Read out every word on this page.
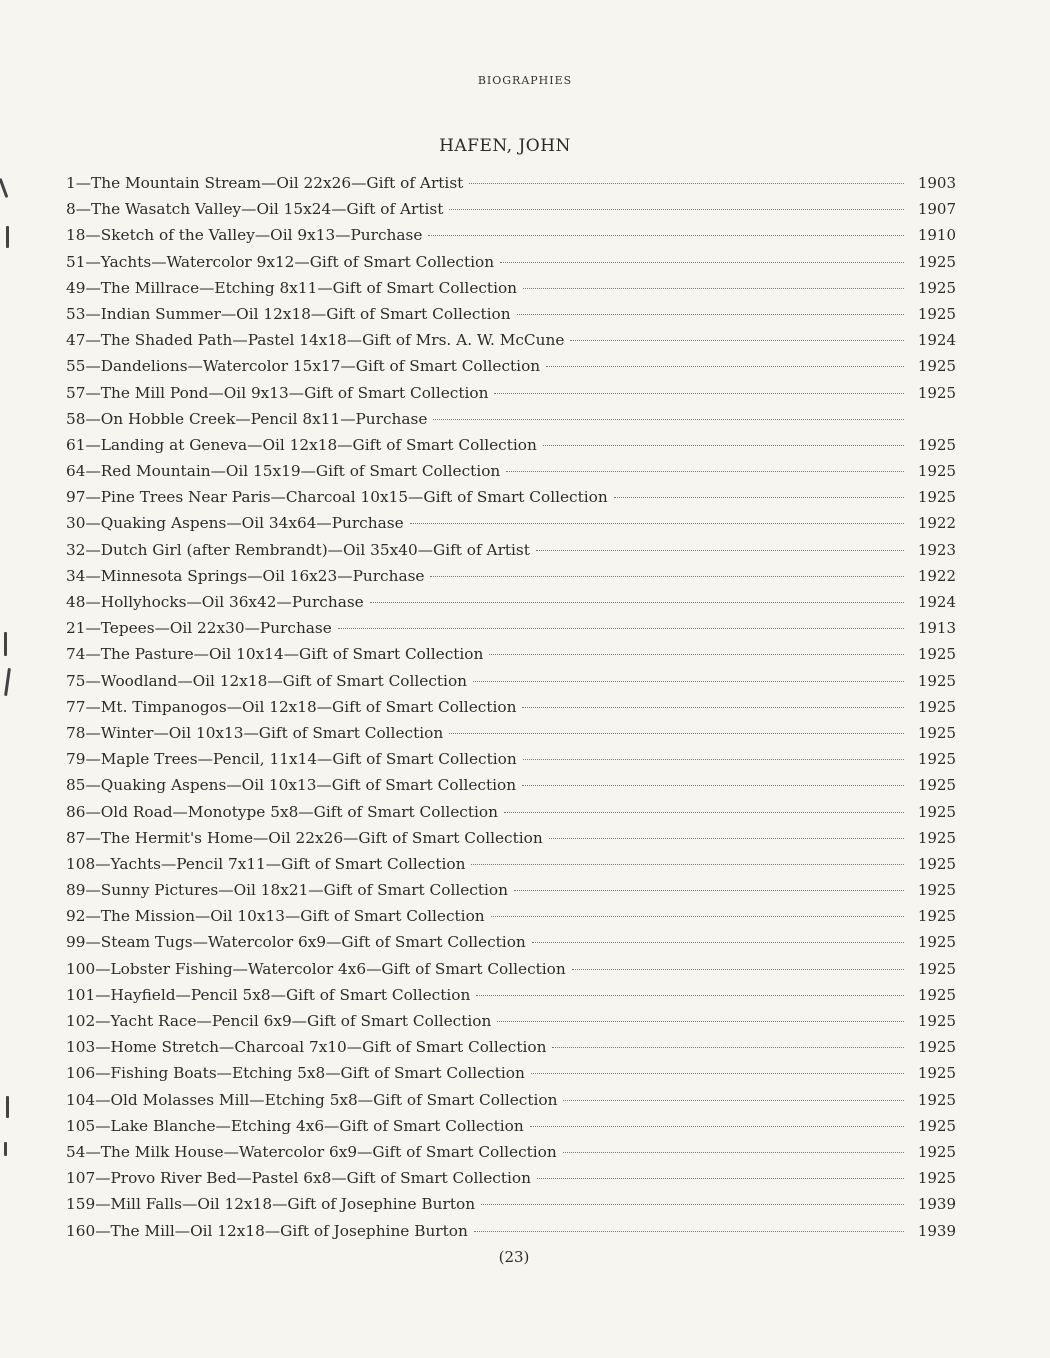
BIOGRAPHIES
HAFEN, JOHN
1—The Mountain Stream—Oil 22x26—Gift of Artist	1903
8—The Wasatch Valley—Oil 15x24—Gift of Artist	1907
18—Sketch of the Valley—Oil 9x13—Purchase	1910
51—Yachts—Watercolor 9x12—Gift of Smart Collection	1925
49—The Millrace—Etching 8x11—Gift of Smart Collection	1925
53—Indian Summer—Oil 12x18—Gift of Smart Collection	1925
47—The Shaded Path—Pastel 14x18—Gift of Mrs. A. W. McCune	1924
55—Dandelions—Watercolor 15x17—Gift of Smart Collection	1925
57—The Mill Pond—Oil 9x13—Gift of Smart Collection	1925
58—On Hobble Creek—Pencil 8x11—Purchase
61—Landing at Geneva—Oil 12x18—Gift of Smart Collection	1925
64—Red Mountain—Oil 15x19—Gift of Smart Collection	1925
97—Pine Trees Near Paris—Charcoal 10x15—Gift of Smart Collection	1925
30—Quaking Aspens—Oil 34x64—Purchase	1922
32—Dutch Girl (after Rembrandt)—Oil 35x40—Gift of Artist	1923
34—Minnesota Springs—Oil 16x23—Purchase	1922
48—Hollyhocks—Oil 36x42—Purchase	1924
21—Tepees—Oil 22x30—Purchase	1913
74—The Pasture—Oil 10x14—Gift of Smart Collection	1925
75—Woodland—Oil 12x18—Gift of Smart Collection	1925
77—Mt. Timpanogos—Oil 12x18—Gift of Smart Collection	1925
78—Winter—Oil 10x13—Gift of Smart Collection	1925
79—Maple Trees—Pencil, 11x14—Gift of Smart Collection	1925
85—Quaking Aspens—Oil 10x13—Gift of Smart Collection	1925
86—Old Road—Monotype 5x8—Gift of Smart Collection	1925
87—The Hermit's Home—Oil 22x26—Gift of Smart Collection	1925
108—Yachts—Pencil 7x11—Gift of Smart Collection	1925
89—Sunny Pictures—Oil 18x21—Gift of Smart Collection	1925
92—The Mission—Oil 10x13—Gift of Smart Collection	1925
99—Steam Tugs—Watercolor 6x9—Gift of Smart Collection	1925
100—Lobster Fishing—Watercolor 4x6—Gift of Smart Collection	1925
101—Hayfield—Pencil 5x8—Gift of Smart Collection	1925
102—Yacht Race—Pencil 6x9—Gift of Smart Collection	1925
103—Home Stretch—Charcoal 7x10—Gift of Smart Collection	1925
106—Fishing Boats—Etching 5x8—Gift of Smart Collection	1925
104—Old Molasses Mill—Etching 5x8—Gift of Smart Collection	1925
105—Lake Blanche—Etching 4x6—Gift of Smart Collection	1925
54—The Milk House—Watercolor 6x9—Gift of Smart Collection	1925
107—Provo River Bed—Pastel 6x8—Gift of Smart Collection	1925
159—Mill Falls—Oil 12x18—Gift of Josephine Burton	1939
160—The Mill—Oil 12x18—Gift of Josephine Burton	1939
(23)
